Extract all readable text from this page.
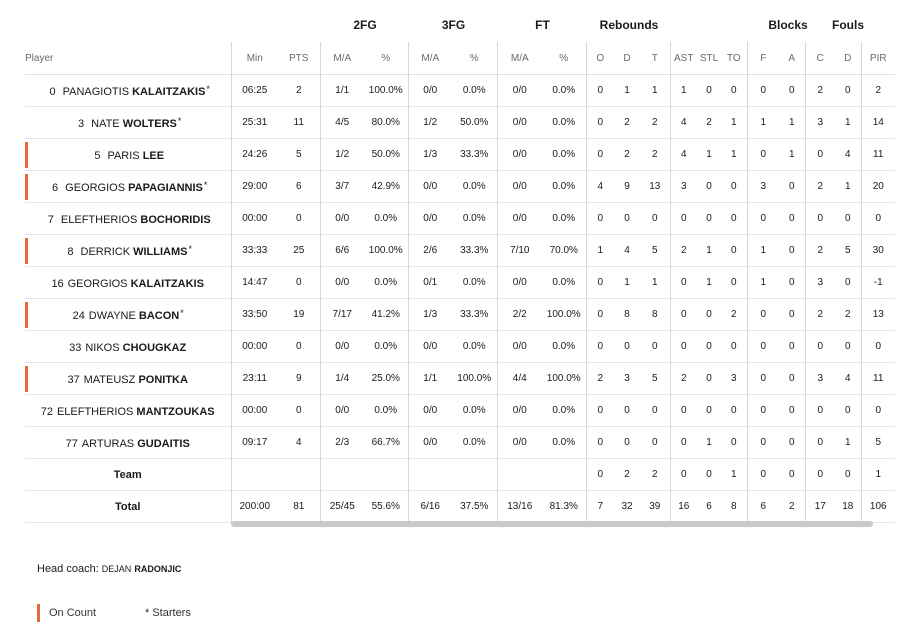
2FG	3FG	FT	Rebounds	Blocks	Fouls
Player	Min	PTS	M/A	%	M/A	%	M/A	%	O	D	T	AST	STL	TO	F	A	C	D	PIR
0 PANAGIOTIS KALAITZAKIS*	06:25	2	1/1	100.0%	0/0	0.0%	0/0	0.0%	0	1	1	1	0	0	0	0	2	0	2
3 NATE WOLTERS*	25:31	11	4/5	80.0%	1/2	50.0%	0/0	0.0%	0	2	2	4	2	1	1	1	3	1	14

5 PARIS LEE	24:26	5	1/2	50.0%	1/3	33.3%	0/0	0.0%	0	2	2	4	1	1	0	1	0	4	11

6 GEORGIOS PAPAGIANNIS*	29:00	6	3/7	42.9%	0/0	0.0%	0/0	0.0%	4	9	13	3	0	0	3	0	2	1	20
7 ELEFTHERIOS BOCHORIDIS	00:00	0	0/0	0.0%	0/0	0.0%	0/0	0.0%	0	0	0	0	0	0	0	0	0	0	0

8 DERRICK WILLIAMS*	33:33	25	6/6	100.0%	2/6	33.3%	7/10	70.0%	1	4	5	2	1	0	1	0	2	5	30
16 GEORGIOS KALAITZAKIS	14:47	0	0/0	0.0%	0/1	0.0%	0/0	0.0%	0	1	1	0	1	0	1	0	3	0	-1

24 DWAYNE BACON*	33:50	19	7/17	41.2%	1/3	33.3%	2/2	100.0%	0	8	8	0	0	2	0	0	2	2	13
33 NIKOS CHOUGKAZ	00:00	0	0/0	0.0%	0/0	0.0%	0/0	0.0%	0	0	0	0	0	0	0	0	0	0	0

37 MATEUSZ PONITKA	23:11	9	1/4	25.0%	1/1	100.0%	4/4	100.0%	2	3	5	2	0	3	0	0	3	4	11
72 ELEFTHERIOS MANTZOUKAS	00:00	0	0/0	0.0%	0/0	0.0%	0/0	0.0%	0	0	0	0	0	0	0	0	0	0	0
77 ARTURAS GUDAITIS	09:17	4	2/3	66.7%	0/0	0.0%	0/0	0.0%	0	0	0	0	1	0	0	0	0	1	5
Team									0	2	2	0	0	1	0	0	0	0	1
Total	200:00	81	25/45	55.6%	6/16	37.5%	13/16	81.3%	7	32	39	16	6	8	6	2	17	18	106
Head coach: DEJAN RADONJIC
On Count	* Starters
